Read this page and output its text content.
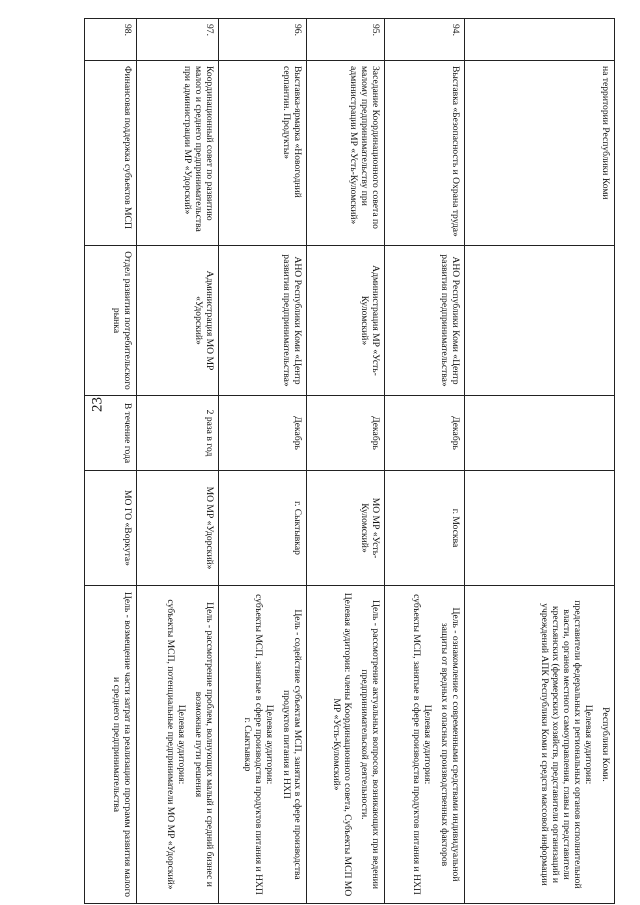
23
	на территории Республики Коми				Республики Коми.

Целевая аудитория:

представители федеральных и региональных органов исполнительной власти, органов местного самоуправления, главы и представители крестьянских (фермерских) хозяйств, представители организаций и учреждений АПК Республики Коми и средств массовой информации

94.	Выставка «Безопасность и Охрана труда»	АНО Республики Коми «Центр развития предпринимательства»	Декабрь	г. Москва	Цель - ознакомление с современными средствами индивидуальной защиты от вредных и опасных производственных факторов

Целевая аудитория:

субъекты МСП, занятые в сфере производства продуктов питания и НХП

95.	Заседание Координационного совета по малому предпринимательству при администрации МР «Усть-Куломский»	Администрация МР «Усть-Куломский»	Декабрь	МО МР «Усть-Куломский»	Цель - рассмотрение актуальных вопросов, возникающих при ведении предпринимательской деятельности.

Целевая аудитория: члены Координационного совета, Субъекты МСП МО МР «Усть-Куломский»

96.	Выставка-ярмарка «Новогодний серпантин. Продукты»	АНО Республики Коми «Центр развития предпринимательства»	Декабрь	г. Сыктывкар	Цель - содействие субъектам МСП, занятых в сфере производства продуктов питания и НХП

Целевая аудитория:

субъекты МСП, занятые в сфере производства продуктов питания и НХП г. Сыктывкар

97.	Координационный совет по развитию малого и среднего предпринимательства при администрации МР «Удорский»	Администрация МО МР «Удорский»	2 раза в год	МО МР «Удорский»	Цель - рассмотрение проблем, волнующих малый и средний бизнес и возможные пути решения

Целевая аудитория:

субъекты МСП, потенциальные предприниматели МО МР «Удорский»

98.	Финансовая поддержка субъектов МСП	Отдел развития потребительского рынка	В течение года	МО ГО «Воркута»	Цель - возмещение части затрат на реализацию программ развития малого и среднего предпринимательства
